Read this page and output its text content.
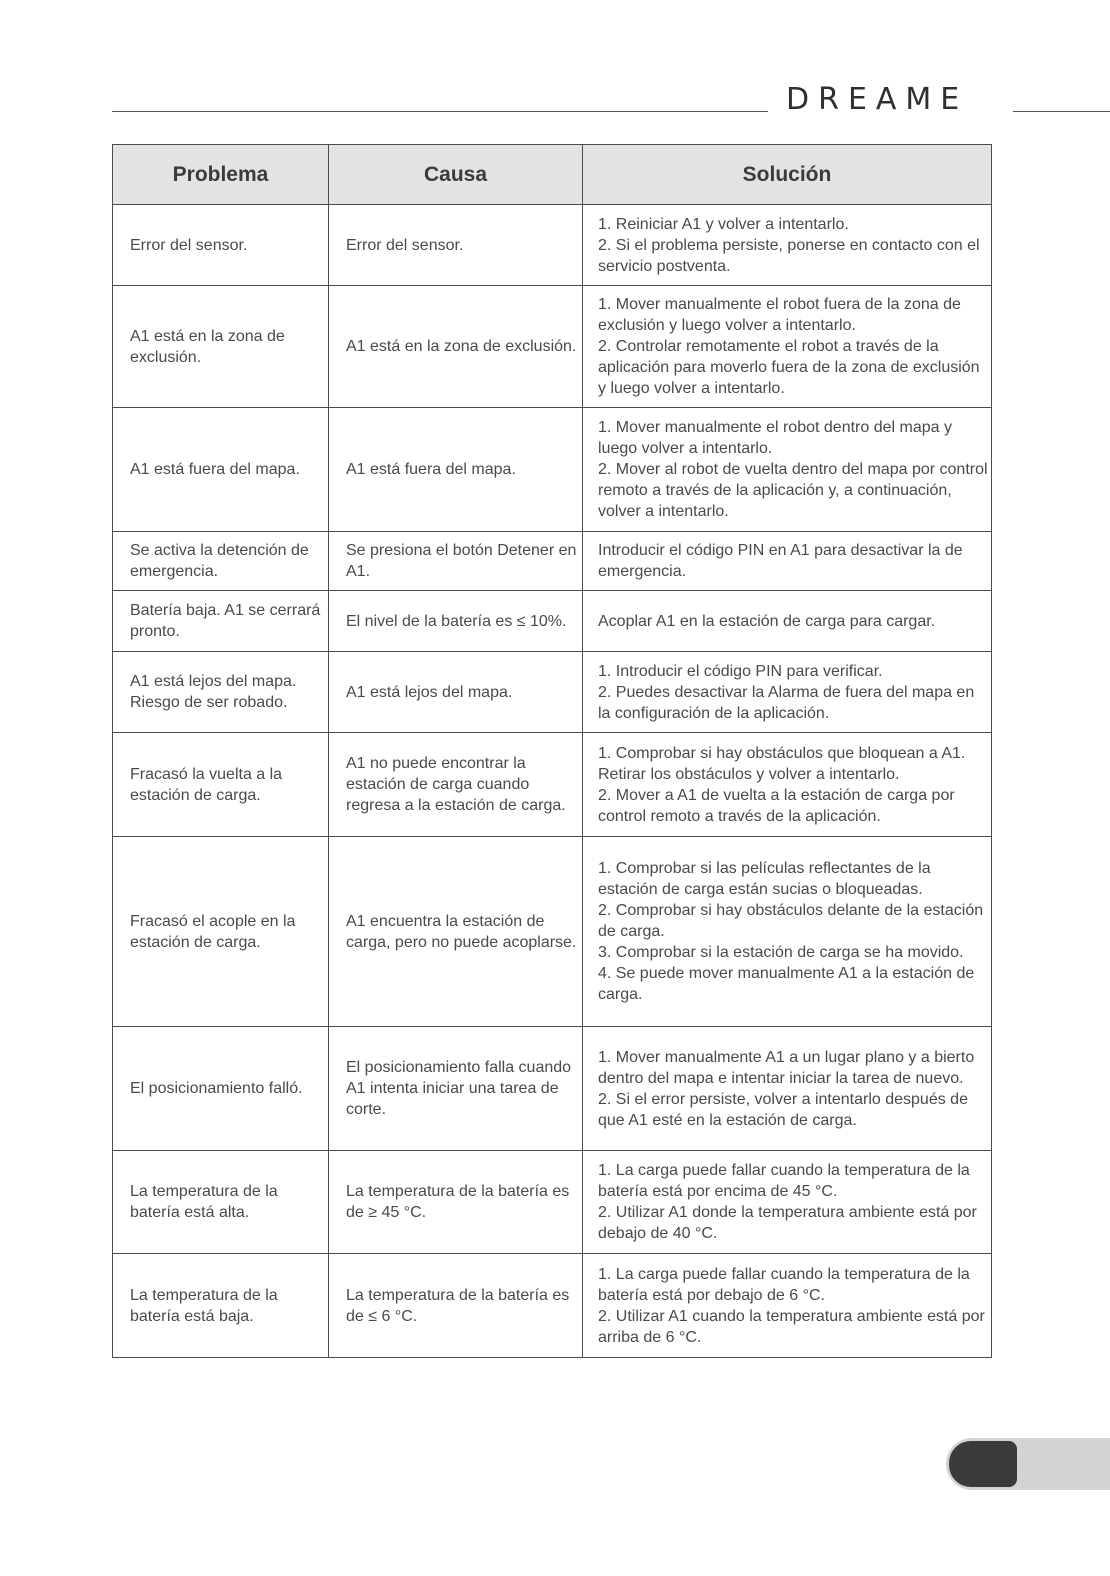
DREAME
Problema	Causa	Solución
Error del sensor.	Error del sensor.	1. Reiniciar A1 y volver a intentarlo.
2. Si el problema persiste, ponerse en contacto con el servicio postventa.

A1 está en la zona de exclusión.	A1 está en la zona de exclusión.	1. Mover manualmente el robot fuera de la zona de exclusión y luego volver a intentarlo.
2. Controlar remotamente el robot a través de la aplicación para moverlo fuera de la zona de exclusión y luego volver a intentarlo.

A1 está fuera del mapa.	A1 está fuera del mapa.	1. Mover manualmente el robot dentro del mapa y luego volver a intentarlo.
2. Mover al robot de vuelta dentro del mapa por control remoto a través de la aplicación y, a continuación, volver a intentarlo.

Se activa la detención de emergencia.	Se presiona el botón Detener en A1.	Introducir el código PIN en A1 para desactivar la de emergencia.

Batería baja. A1 se cerrará pronto.	El nivel de la batería es ≤ 10%.	Acoplar A1 en la estación de carga para cargar.

A1 está lejos del mapa. Riesgo de ser robado.	A1 está lejos del mapa.	1. Introducir el código PIN para verificar.
2. Puedes desactivar la Alarma de fuera del mapa en la configuración de la aplicación.

Fracasó la vuelta a la estación de carga.	A1 no puede encontrar la estación de carga cuando regresa a la estación de carga.	1. Comprobar si hay obstáculos que bloquean a A1. Retirar los obstáculos y volver a intentarlo.
2. Mover a A1 de vuelta a la estación de carga por control remoto a través de la aplicación.

Fracasó el acople en la estación de carga.	A1 encuentra la estación de carga, pero no puede acoplarse.	1. Comprobar si las películas reflectantes de la estación de carga están sucias o bloqueadas.
2. Comprobar si hay obstáculos delante de la estación de carga.
3. Comprobar si la estación de carga se ha movido.
4. Se puede mover manualmente A1 a la estación de carga.

El posicionamiento falló.	El posicionamiento falla cuando A1 intenta iniciar una tarea de corte.	1. Mover manualmente A1 a un lugar plano y a bierto dentro del mapa e intentar iniciar la tarea de nuevo.
2. Si el error persiste, volver a intentarlo después de que A1 esté en la estación de carga.

La temperatura de la batería está alta.	La temperatura de la batería es de ≥ 45 °C.	1. La carga puede fallar cuando la temperatura de la batería está por encima de 45 °C.
2. Utilizar A1 donde la temperatura ambiente está por debajo de 40 °C.

La temperatura de la batería está baja.	La temperatura de la batería es de ≤ 6 °C.	1. La carga puede fallar cuando la temperatura de la batería está por debajo de 6 °C.
2. Utilizar A1 cuando la temperatura ambiente está por arriba de 6 °C.
